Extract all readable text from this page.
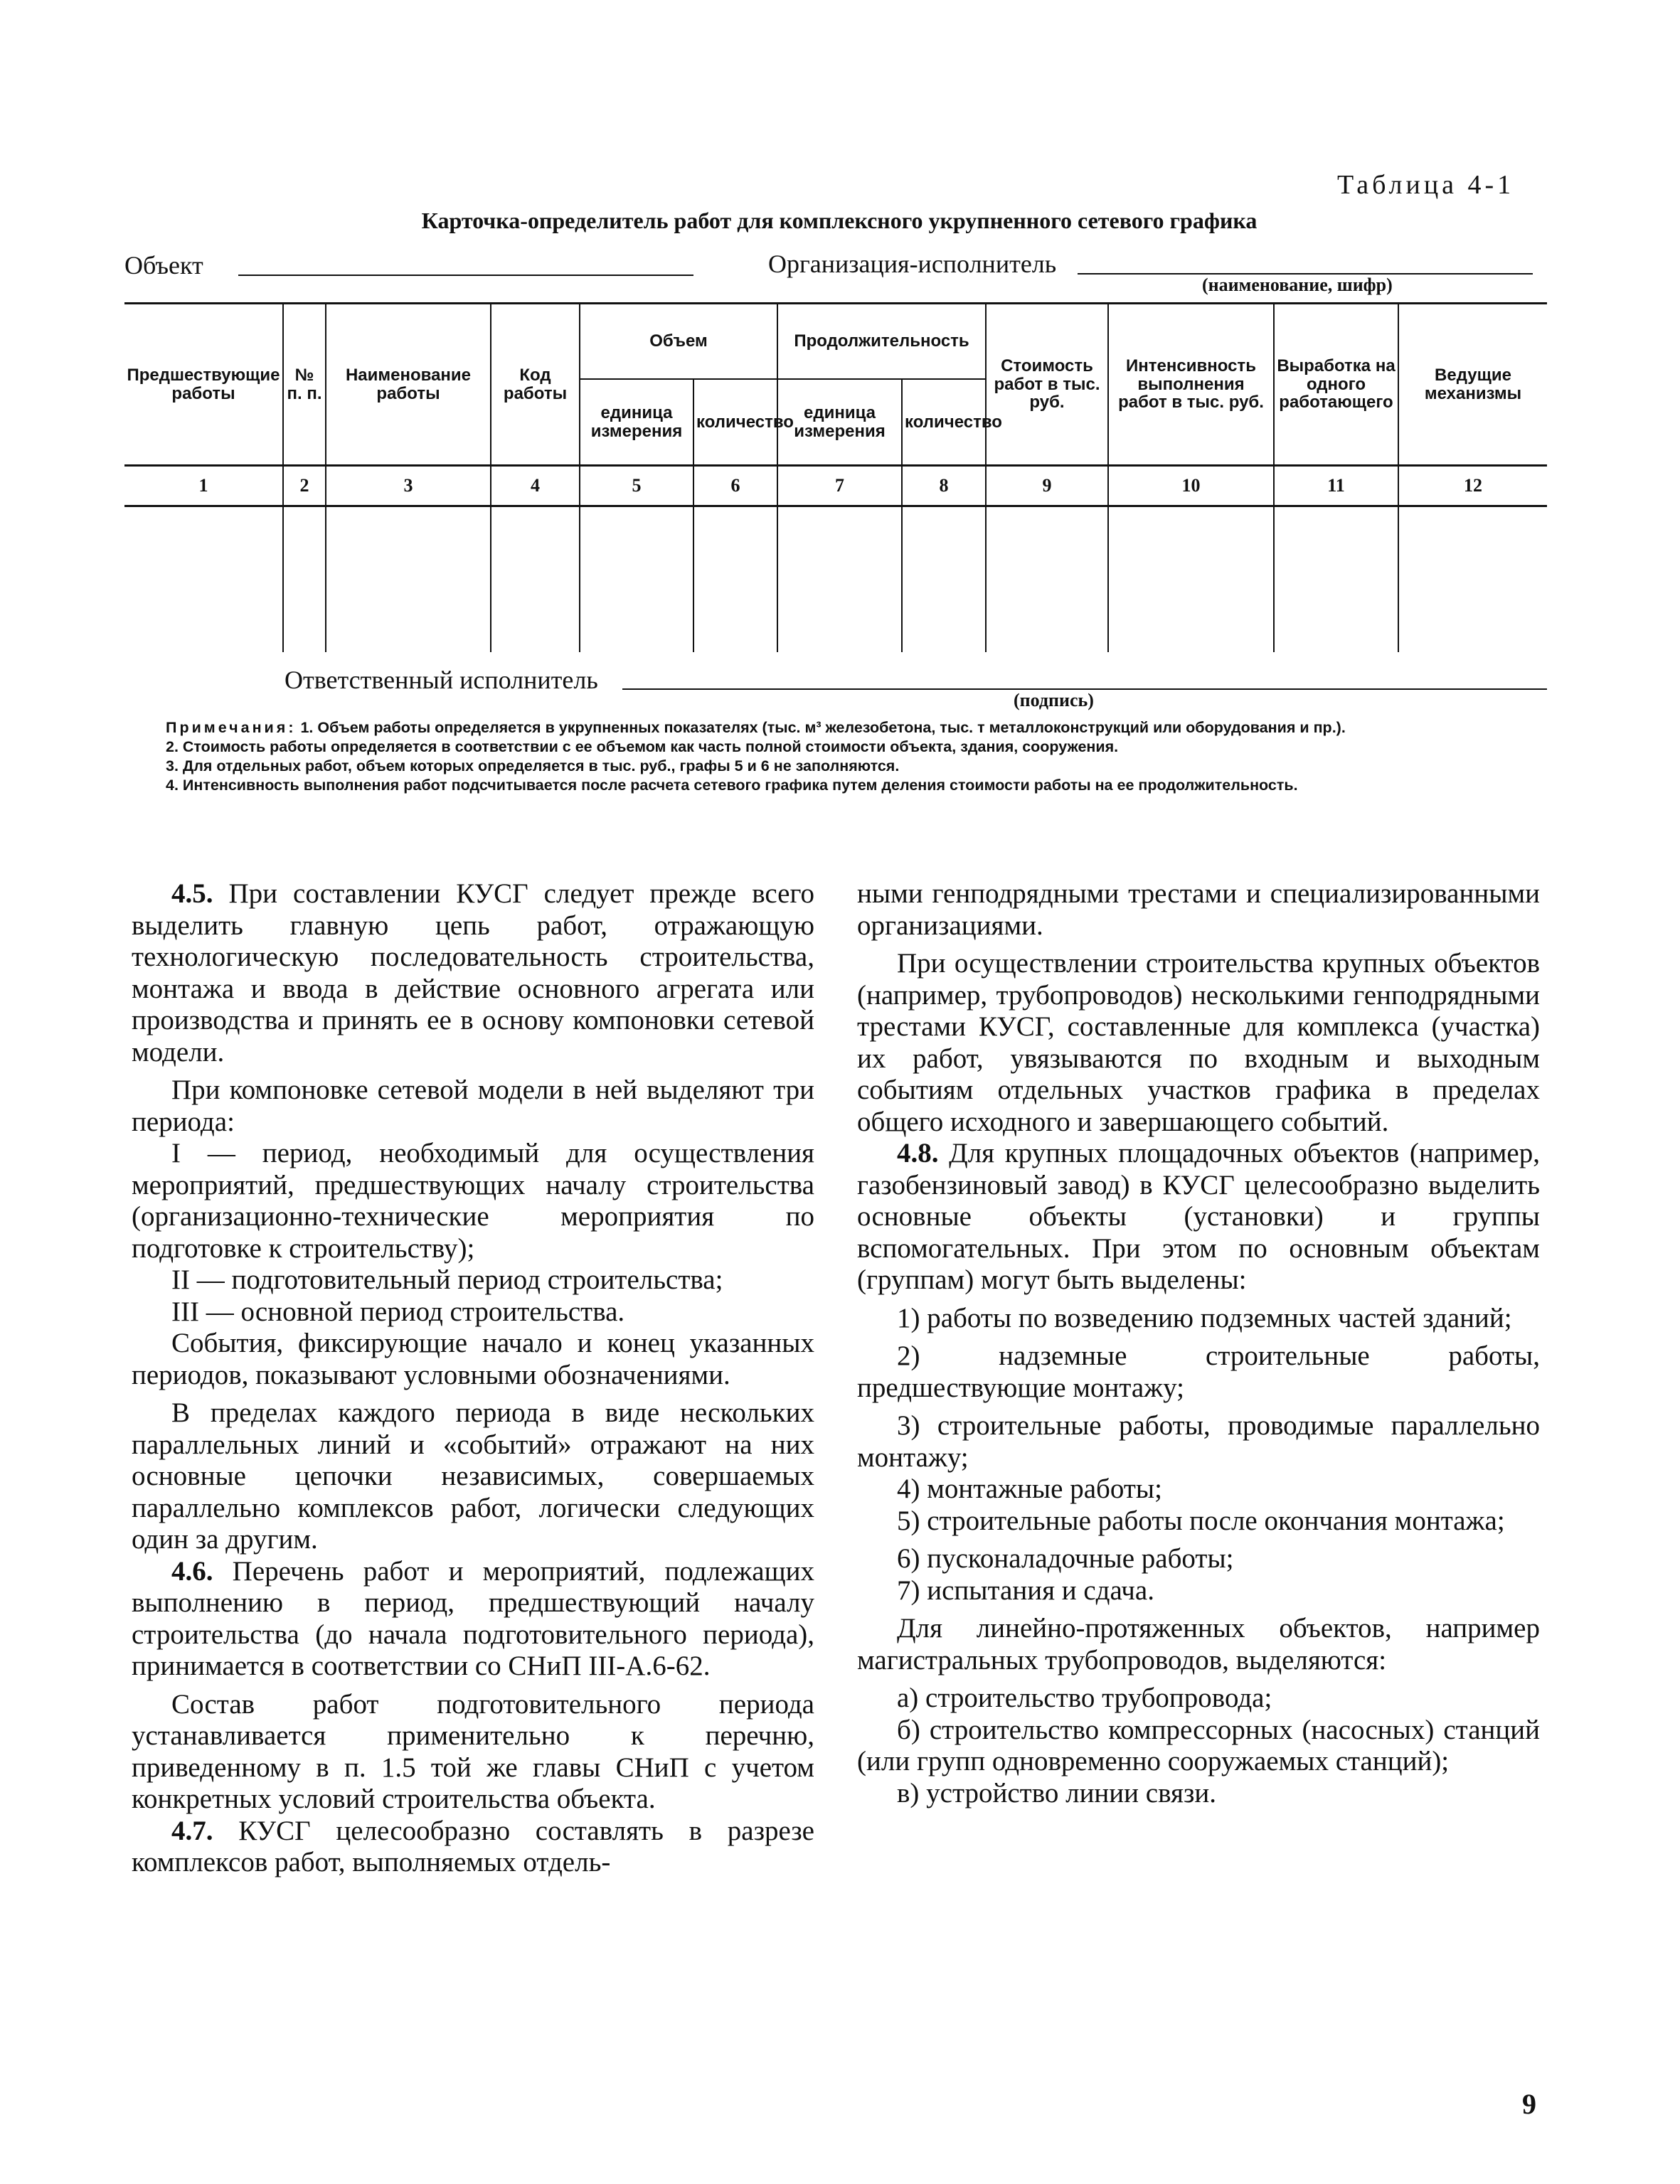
Таблица 4-1
Карточка-определитель работ для комплексного укрупненного сетевого графика
Объект	Организация-исполнитель
(наименование, шифр)
Предшествующие работы	№ п. п.	Наименование работы	Код работы	Объем		Продолжительность		Стоимость работ в тыс. руб.	Интенсивность выполнения работ в тыс. руб.	Выработка на одного работающего	Ведущие механизмы
				единица измерения	количество	единица измерения	количество				
1	2	3	4	5	6	7	8	9	10	11	12

Ответственный исполнитель
(подпись)

Примечания: 1. Объем работы определяется в укрупненных показателях (тыс. м³ железобетона, тыс. т металлоконструкций или оборудования и пр.).

2. Стоимость работы определяется в соответствии с ее объемом как часть полной стоимости объекта, здания, сооружения.

3. Для отдельных работ, объем которых определяется в тыс. руб., графы 5 и 6 не заполняются.

4. Интенсивность выполнения работ подсчитывается после расчета сетевого графика путем деления стоимости работы на ее продолжительность.

4.5. При составлении КУСГ следует прежде всего выделить главную цепь работ, отражающую технологическую последовательность строительства, монтажа и ввода в действие основного агрегата или производства и принять ее в основу компоновки сетевой модели.

При компоновке сетевой модели в ней выделяют три периода:

I — период, необходимый для осуществления мероприятий, предшествующих началу строительства (организационно-технические мероприятия по подготовке к строительству);

II — подготовительный период строительства;

III — основной период строительства.

События, фиксирующие начало и конец указанных периодов, показывают условными обозначениями.

В пределах каждого периода в виде нескольких параллельных линий и «событий» отражают на них основные цепочки независимых, совершаемых параллельно комплексов работ, логически следующих один за другим.

4.6. Перечень работ и мероприятий, подлежащих выполнению в период, предшествующий началу строительства (до начала подготовительного периода), принимается в соответствии со СНиП III-А.6-62.

Состав работ подготовительного периода устанавливается применительно к перечню, приведенному в п. 1.5 той же главы СНиП с учетом конкретных условий строительства объекта.

4.7. КУСГ целесообразно составлять в разрезе комплексов работ, выполняемых отдель-

ными генподрядными трестами и специализированными организациями.

При осуществлении строительства крупных объектов (например, трубопроводов) несколькими генподрядными трестами КУСГ, составленные для комплекса (участка) их работ, увязываются по входным и выходным событиям отдельных участков графика в пределах общего исходного и завершающего событий.

4.8. Для крупных площадочных объектов (например, газобензиновый завод) в КУСГ целесообразно выделить основные объекты (установки) и группы вспомогательных. При этом по основным объектам (группам) могут быть выделены:

1) работы по возведению подземных частей зданий;

2) надземные строительные работы, предшествующие монтажу;

3) строительные работы, проводимые параллельно монтажу;

4) монтажные работы;

5) строительные работы после окончания монтажа;

6) пусконаладочные работы;

7) испытания и сдача.

Для линейно-протяженных объектов, например магистральных трубопроводов, выделяются:

а) строительство трубопровода;

б) строительство компрессорных (насосных) станций (или групп одновременно сооружаемых станций);

в) устройство линии связи.

9
